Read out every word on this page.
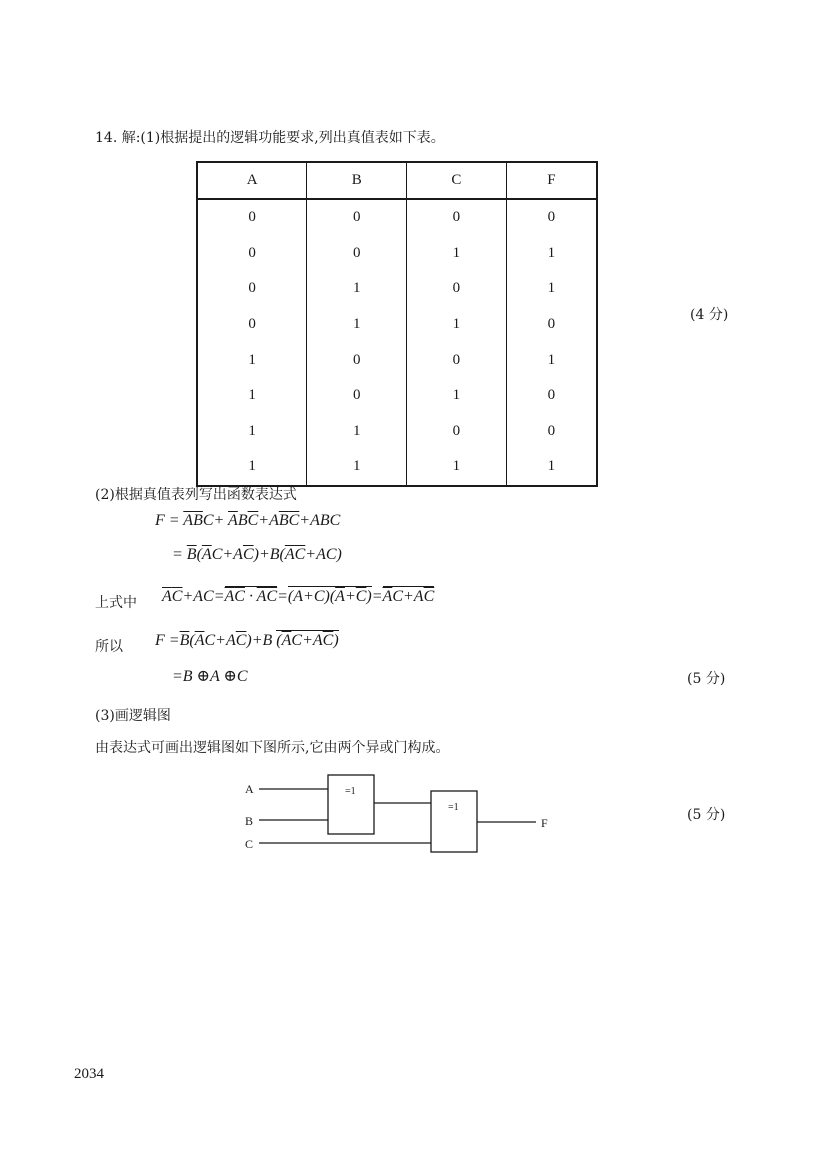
14. 解:(1)根据提出的逻辑功能要求,列出真值表如下表。
A	B	C	F
0	0	0	0
0	0	1	1
0	1	0	1
0	1	1	0
1	0	0	1
1	0	1	0
1	1	0	0
1	1	1	1
(4 分)
(2)根据真值表列写出函数表达式
$F = \overline{A}\overline{B}C+ \overline{A}B\overline{C}+A\overline{B}\overline{C}+ABC$
= $\overline{B}(\overline{A}C+A\overline{C})+B(\overline{A}\overline{C}+AC)$
上式中 $\overline{A}\overline{C}+AC=\overline{A}\overline{C} \cdot \overline{AC}=(A+C)(\overline{A}+\overline{C})=\overline{A}C+A\overline{C}$
所以 $F =\overline{B}(\overline{A}C+A\overline{C})+B$ $(\overline{A}C+A\overline{C})$
=B ⊕A ⊕C	(5 分)
(3)画逻辑图
由表达式可画出逻辑图如下图所示,它由两个异或门构成。
A
B
C
=1
=1
F	(5 分)
2034
